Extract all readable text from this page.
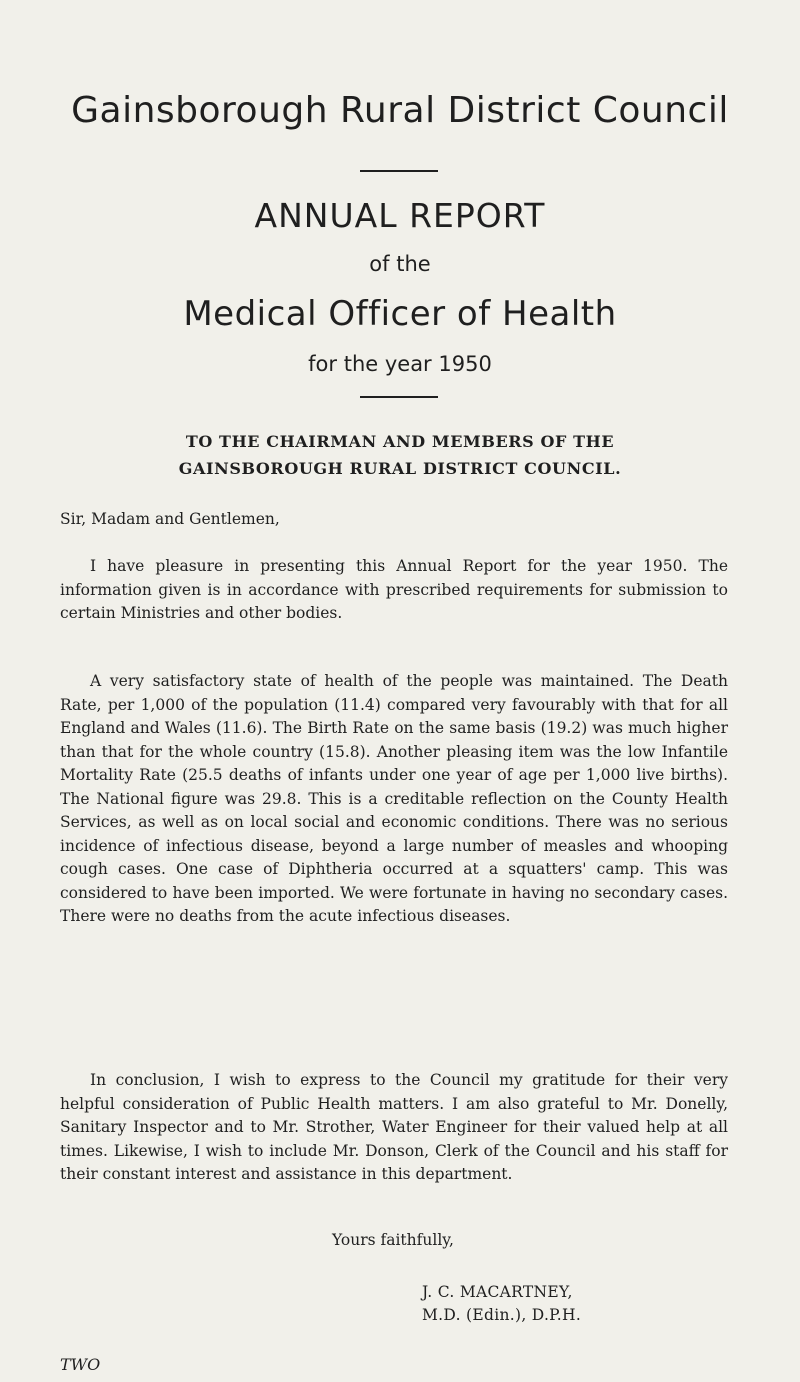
Gainsborough Rural District Council
ANNUAL REPORT
of the
Medical Officer of Health
for the year 1950
TO THE CHAIRMAN AND MEMBERS OF THE
GAINSBOROUGH RURAL DISTRICT COUNCIL.
Sir, Madam and Gentlemen,
I have pleasure in presenting this Annual Report for the year 1950. The information given is in accordance with prescribed requirements for submission to certain Ministries and other bodies.
A very satisfactory state of health of the people was maintained. The Death Rate, per 1,000 of the population (11.4) compared very favourably with that for all England and Wales (11.6). The Birth Rate on the same basis (19.2) was much higher than that for the whole country (15.8). Another pleasing item was the low Infantile Mortality Rate (25.5 deaths of infants under one year of age per 1,000 live births). The National figure was 29.8. This is a creditable reflection on the County Health Services, as well as on local social and economic conditions. There was no serious incidence of infectious disease, beyond a large number of measles and whooping cough cases. One case of Diphtheria occurred at a squatters' camp. This was considered to have been imported. We were fortunate in having no secondary cases. There were no deaths from the acute infectious diseases.
In conclusion, I wish to express to the Council my gratitude for their very helpful consideration of Public Health matters. I am also grateful to Mr. Donelly, Sanitary Inspector and to Mr. Strother, Water Engineer for their valued help at all times. Likewise, I wish to include Mr. Donson, Clerk of the Council and his staff for their constant interest and assistance in this department.
Yours faithfully,
J. C. MACARTNEY,
M.D. (Edin.), D.P.H.
TWO
